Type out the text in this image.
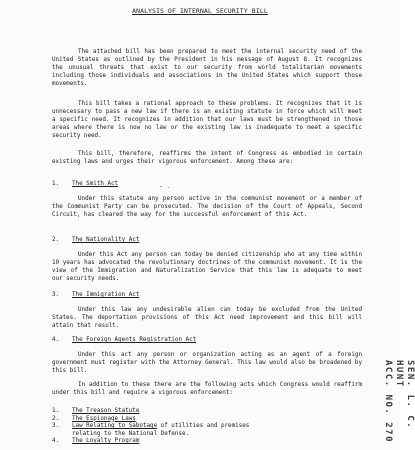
ANALYSIS OF INTERNAL SECURITY BILL
The attached bill has been prepared to meet the internal security need of the United States as outlined by the President in his message of August 8. It recognizes the unusual threats that exist to our security from world totalitarian movements including those individuals and associations in the United States which support those movements.
This bill takes a rational approach to these problems. It recognizes that it is unnecessary to pass a new law if there is an existing statute in force which will meet a specific need. It recognizes in addition that our laws must be strengthened in those areas where there is now no law or the existing law is inadequate to meet a specific security need.
This bill, therefore, reaffirms the intent of Congress as embodied in certain existing laws and urges their vigorous enforcement. Among these are:
1. The Smith Act
Under this statute any person active in the communist movement or a member of the Communist Party can be prosecuted. The decision of the Court of Appeals, Second Circuit, has cleared the way for the successful enforcement of this Act.
2. The Nationality Act
Under this Act any person can today be denied citizenship who at any time within 10 years has advocated the revolutionary doctrines of the communist movement. It is the view of the Immigration and Naturalization Service that this law is adequate to meet our security needs.
3. The Immigration Act
Under this law any undesirable alien can today be excluded from the United States. The deportation provisions of this Act need improvement and this bill will attain that result.
4. The Foreign Agents Registration Act
Under this act any person or organization acting as an agent of a foreign government must register with the Attorney General. This law would also be broadened by this bill.
In addition to these there are the following acts which Congress would reaffirm under this bill and require a vigorous enforcement:
1.	The Treason Statute
2.	The Espionage Laws
3.	Law Relating to Sabotage of utilities and premises relating to the National Defense.
4.	The Loyalty Program
SEN. L. C. HUNT
ACC. NO. 270
